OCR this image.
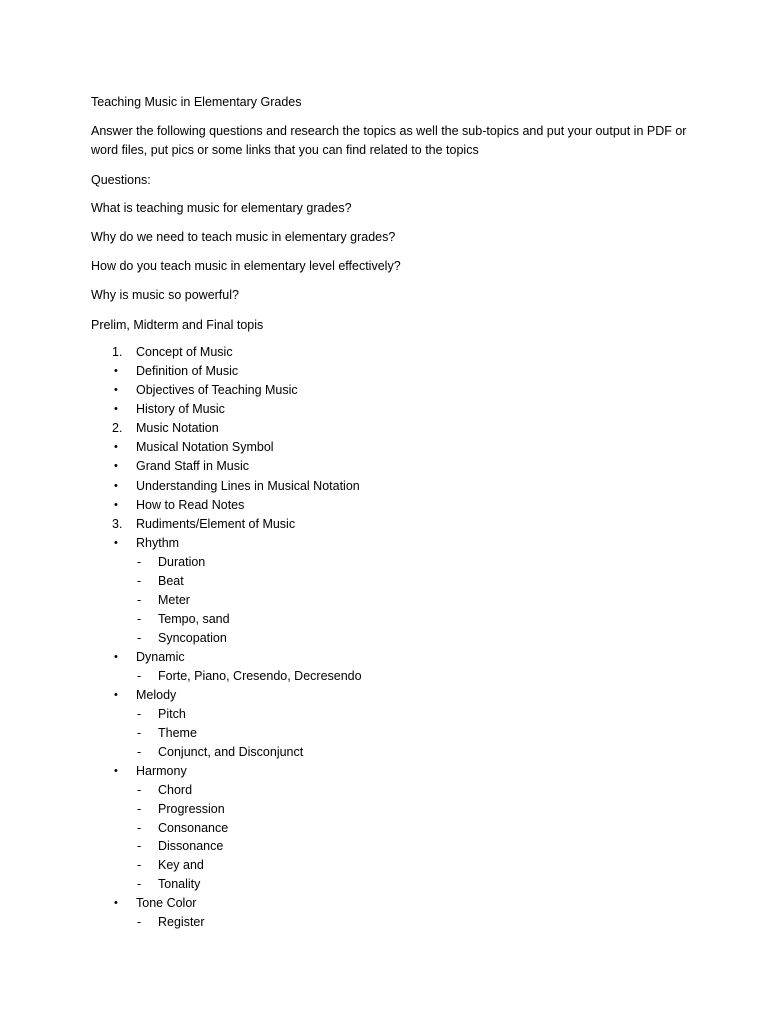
Teaching Music in Elementary Grades
Answer the following questions and research the topics as well the sub-topics and put your output in PDF or word files, put pics or some links that you can find related to the topics
Questions:
What is teaching music for elementary grades?
Why do we need to teach music in elementary grades?
How do you teach music in elementary level effectively?
Why is music so powerful?
Prelim, Midterm and Final topis
1.	Concept of Music
•	Definition of Music
•	Objectives of Teaching Music
•	History of Music
2.	Music Notation
•	Musical Notation Symbol
•	Grand Staff in Music
•	Understanding Lines in Musical Notation
•	How to Read Notes
3.	Rudiments/Element of Music
•	Rhythm
-	Duration
-	Beat
-	Meter
-	Tempo, sand
-	Syncopation
•	Dynamic
-	Forte, Piano, Cresendo, Decresendo
•	Melody
-	Pitch
-	Theme
-	Conjunct, and Disconjunct
•	Harmony
-	Chord
-	Progression
-	Consonance
-	Dissonance
-	Key and
-	Tonality
•	Tone Color
-	Register
